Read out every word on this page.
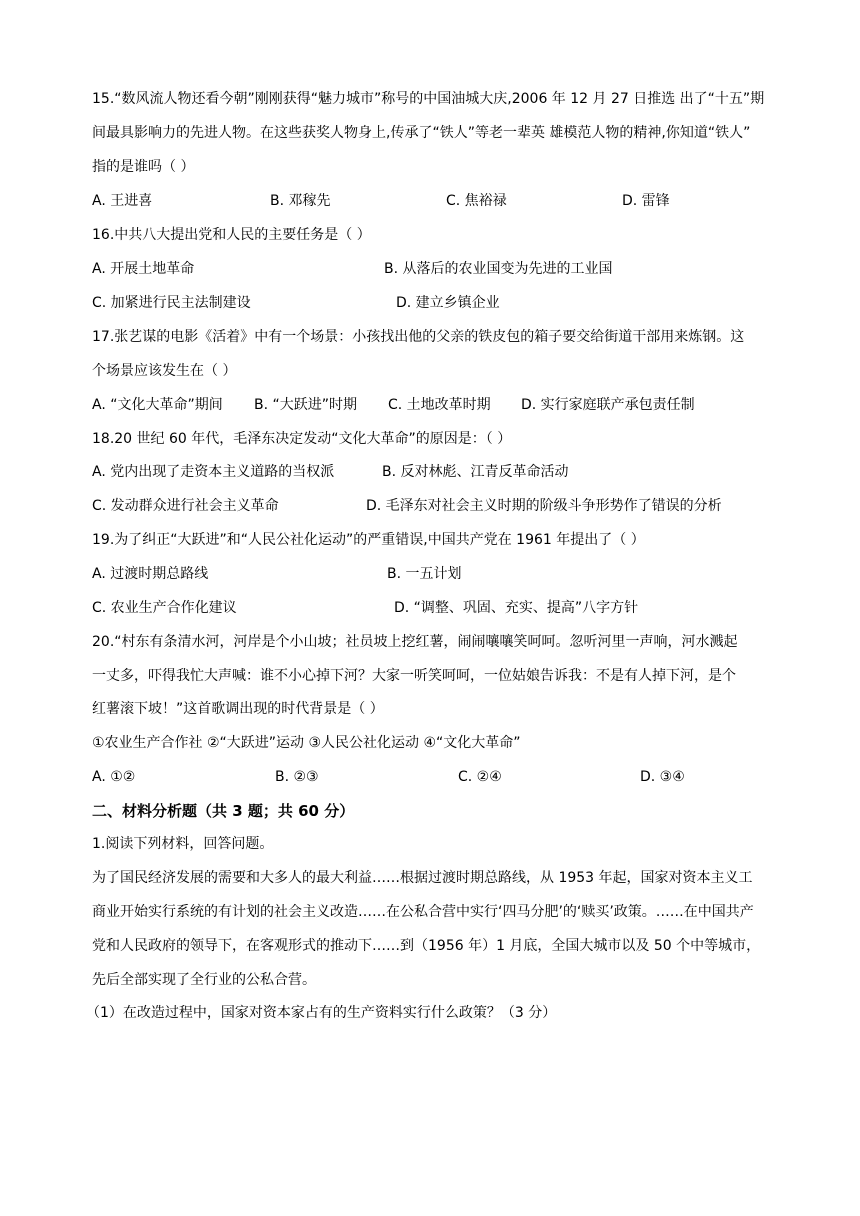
15.“数风流人物还看今朝”刚刚获得“魅力城市”称号的中国油城大庆,2006 年 12 月 27 日推选 出了“十五”期
间最具影响力的先进人物。在这些获奖人物身上,传承了“铁人”等老一辈英 雄模范人物的精神,你知道“铁人”
指的是谁吗（ ）
A. 王进喜	B. 邓稼先	C. 焦裕禄	D. 雷锋
16.中共八大提出党和人民的主要任务是（ ）
A. 开展土地革命	B. 从落后的农业国变为先进的工业国
C. 加紧进行民主法制建设	D. 建立乡镇企业
17.张艺谋的电影《活着》中有一个场景：小孩找出他的父亲的铁皮包的箱子要交给街道干部用来炼钢。这
个场景应该发生在（ ）
A. “文化大革命”期间 B. “大跃进”时期 C. 土地改革时期 D. 实行家庭联产承包责任制
18.20 世纪 60 年代，毛泽东决定发动“文化大革命”的原因是：（ ）
A. 党内出现了走资本主义道路的当权派	B. 反对林彪、江青反革命活动
C. 发动群众进行社会主义革命	D. 毛泽东对社会主义时期的阶级斗争形势作了错误的分析
19.为了纠正“大跃进”和“人民公社化运动”的严重错误,中国共产党在 1961 年提出了（ ）
A. 过渡时期总路线	B. 一五计划
C. 农业生产合作化建议	D. “调整、巩固、充实、提高”八字方针
20.“村东有条清水河，河岸是个小山坡；社员坡上挖红薯，闹闹嚷嚷笑呵呵。忽听河里一声响，河水溅起
一丈多，吓得我忙大声喊：谁不小心掉下河？大家一听笑呵呵，一位姑娘告诉我：不是有人掉下河，是个
红薯滚下坡！”这首歌调出现的时代背景是（ ）
①农业生产合作社 ②“大跃进”运动 ③人民公社化运动 ④“文化大革命”
A. ①②	B. ②③	C. ②④	D. ③④
二、材料分析题（共 3 题；共 60 分）
1.阅读下列材料，回答问题。
为了国民经济发展的需要和大多人的最大利益……根据过渡时期总路线，从 1953 年起，国家对资本主义工
商业开始实行系统的有计划的社会主义改造……在公私合营中实行‘四马分肥’的‘赎买’政策。……在中国共产
党和人民政府的领导下，在客观形式的推动下……到（1956 年）1 月底，全国大城市以及 50 个中等城市，
先后全部实现了全行业的公私合营。
（1）在改造过程中，国家对资本家占有的生产资料实行什么政策？（3 分）
